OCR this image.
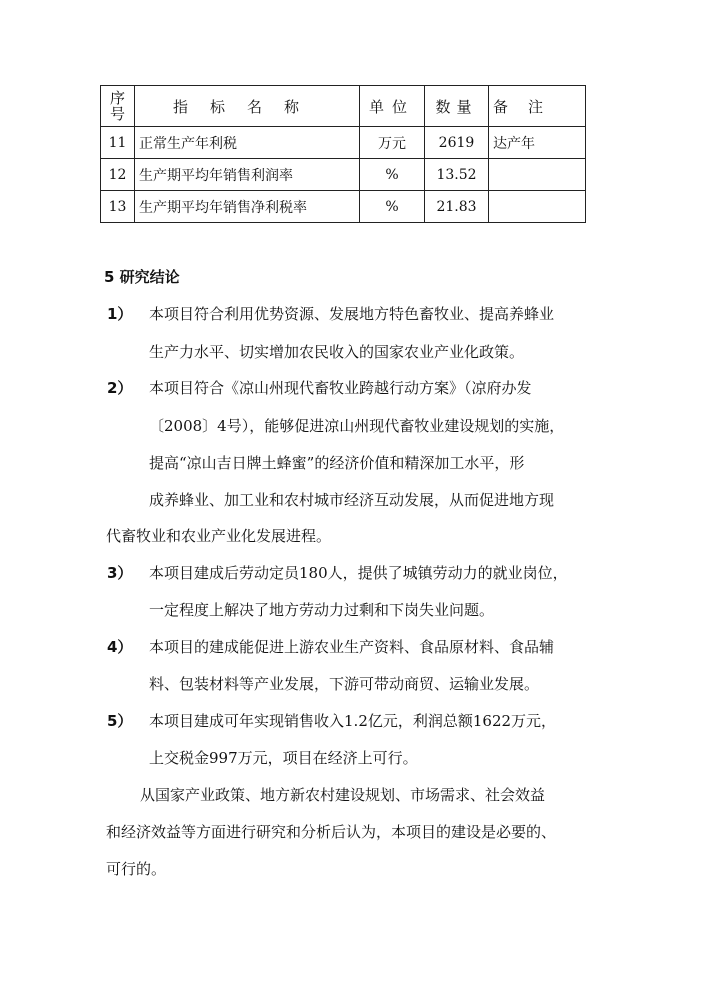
序
号	指标名称	单位	数量	备注
11	正常生产年利税	万元	2619	达产年
12	生产期平均年销售利润率	%	13.52	
13	生产期平均年销售净利税率	%	21.83	
5 研究结论
1） 本项目符合利用优势资源、发展地方特色畜牧业、提高养蜂业
生产力水平、切实增加农民收入的国家农业产业化政策。
2） 本项目符合《凉山州现代畜牧业跨越行动方案》（凉府办发
〔2008〕4号），能够促进凉山州现代畜牧业建设规划的实施，
提高“凉山吉日牌土蜂蜜”的经济价值和精深加工水平，形
成养蜂业、加工业和农村城市经济互动发展，从而促进地方现
代畜牧业和农业产业化发展进程。
3） 本项目建成后劳动定员180人，提供了城镇劳动力的就业岗位，
一定程度上解决了地方劳动力过剩和下岗失业问题。
4） 本项目的建成能促进上游农业生产资料、食品原材料、食品辅
料、包装材料等产业发展，下游可带动商贸、运输业发展。
5） 本项目建成可年实现销售收入1.2亿元，利润总额1622万元，
上交税金997万元，项目在经济上可行。
从国家产业政策、地方新农村建设规划、市场需求、社会效益
和经济效益等方面进行研究和分析后认为，本项目的建设是必要的、
可行的。
